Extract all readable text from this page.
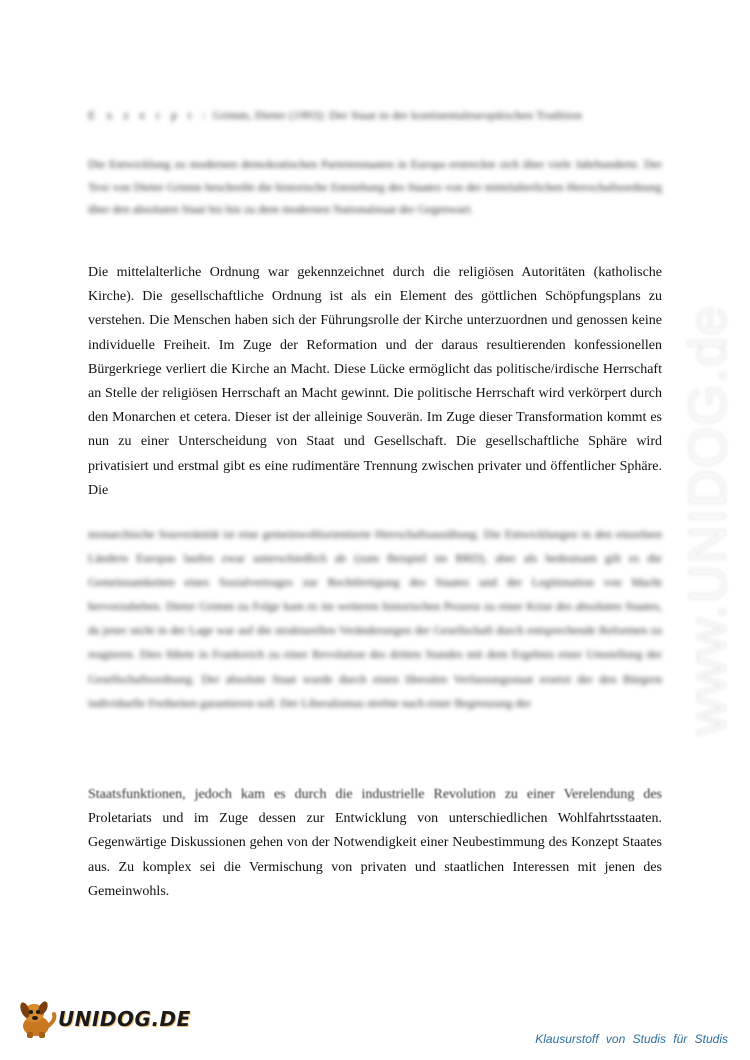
E x z e r p t : Grimm, Dieter (1993): Der Staat in der kontinentaleuropäischen Tradition
Die Entwicklung zu modernen demokratischen Parteienstaaten in Europa erstreckte sich über viele Jahrhunderte. Der Text von Dieter Grimm beschreibt die historische Entstehung des Staates von der mittelalterlichen Herrschaftsordnung über den absoluten Staat bis hin zu dem modernen Nationalstaat der Gegenwart.
Die mittelalterliche Ordnung war gekennzeichnet durch die religiösen Autoritäten (katholische Kirche). Die gesellschaftliche Ordnung ist als ein Element des göttlichen Schöpfungsplans zu verstehen. Die Menschen haben sich der Führungsrolle der Kirche unterzuordnen und genossen keine individuelle Freiheit. Im Zuge der Reformation und der daraus resultierenden konfessionellen Bürgerkriege verliert die Kirche an Macht. Diese Lücke ermöglicht das politische/irdische Herrschaft an Stelle der religiösen Herrschaft an Macht gewinnt. Die politische Herrschaft wird verkörpert durch den Monarchen et cetera. Dieser ist der alleinige Souverän. Im Zuge dieser Transformation kommt es nun zu einer Unterscheidung von Staat und Gesellschaft. Die gesellschaftliche Sphäre wird privatisiert und erstmal gibt es eine rudimentäre Trennung zwischen privater und öffentlicher Sphäre. Die
monarchische Souveränität ist eine gemeinwohlorientierte Herrschaftsausübung. Die Entwicklungen in den einzelnen Ländern Europas laufen zwar unterschiedlich ab (zum Beispiel im BRD), aber als bedeutsam gilt es die Gemeinsamkeiten eines Sozialvertrages zur Rechtfertigung des Staates und der Legitimation von Macht hervorzuheben. Dieter Grimm zu Folge kam es im weiteren historischen Prozess zu einer Krise des absoluten Staates, da jener nicht in der Lage war auf die strukturellen Veränderungen der Gesellschaft durch entsprechende Reformen zu reagieren. Dies führte in Frankreich zu einer Revolution des dritten Standes mit dem Ergebnis einer Umstellung der Gesellschaftsordnung. Der absolute Staat wurde durch einen liberalen Verfassungsstaat ersetzt der den Bürgern individuelle Freiheiten garantieren soll. Der Liberalismus strebte nach einer Begrenzung der
Staatsfunktionen, jedoch kam es durch die industrielle Revolution zu einer Verelendung des Proletariats und im Zuge dessen zur Entwicklung von unterschiedlichen Wohlfahrtsstaaten. Gegenwärtige Diskussionen gehen von der Notwendigkeit einer Neubestimmung des Konzept Staates aus. Zu komplex sei die Vermischung von privaten und staatlichen Interessen mit jenen des Gemeinwohls.
www.UNIDOG.de
UNIDOG.DE
Klausurstoff von Studis für Studis
